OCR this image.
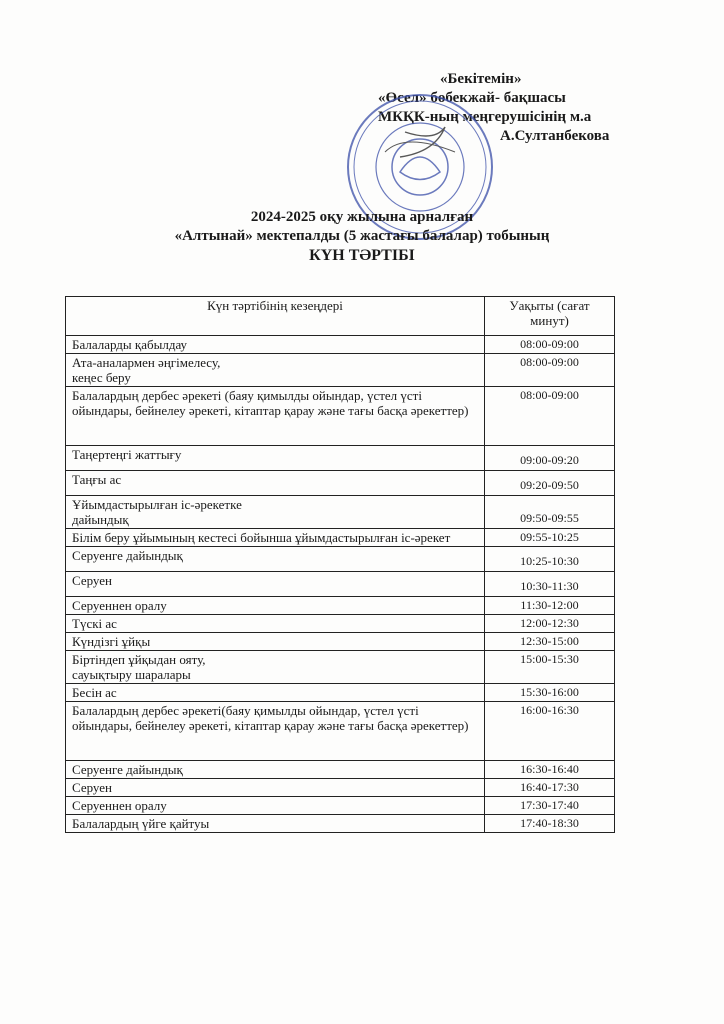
«Бекітемін»
«Өсел» бөбекжай- бақшасы
МКҚК-ның меңгерушісінің м.а
А.Султанбекова
2024-2025 оқу жылына арналған
«Алтынай» мектепалды (5 жастағы балалар) тобының
КҮН ТӘРТІБІ
Күн тәртібінің кезеңдері	Уақыты (сағат минут)
Балаларды қабылдау	08:00-09:00
Ата-аналармен әңгімелесу,
кеңес беру	08:00-09:00
Балалардың дербес әрекеті (баяу қимылды ойындар, үстел үсті ойындары, бейнелеу әрекеті, кітаптар қарау және тағы басқа әрекеттер)	08:00-09:00
Таңертеңгі жаттығу	09:00-09:20
Таңғы ас	09:20-09:50
Ұйымдастырылған іс-әрекетке
дайындық	09:50-09:55
Білім беру ұйымының кестесі бойынша ұйымдастырылған іс-әрекет	09:55-10:25
Серуенге дайындық	10:25-10:30
Серуен	10:30-11:30
Серуеннен оралу	11:30-12:00
Түскі ас	12:00-12:30
Күндізгі ұйқы	12:30-15:00
Біртіндеп ұйқыдан ояту,
сауықтыру шаралары	15:00-15:30
Бесін ас	15:30-16:00
Балалардың дербес әрекеті(баяу қимылды ойындар, үстел үсті ойындары, бейнелеу әрекеті, кітаптар қарау және тағы басқа әрекеттер)	16:00-16:30
Серуенге дайындық	16:30-16:40
Серуен	16:40-17:30
Серуеннен оралу	17:30-17:40
Балалардың үйге қайтуы	17:40-18:30
